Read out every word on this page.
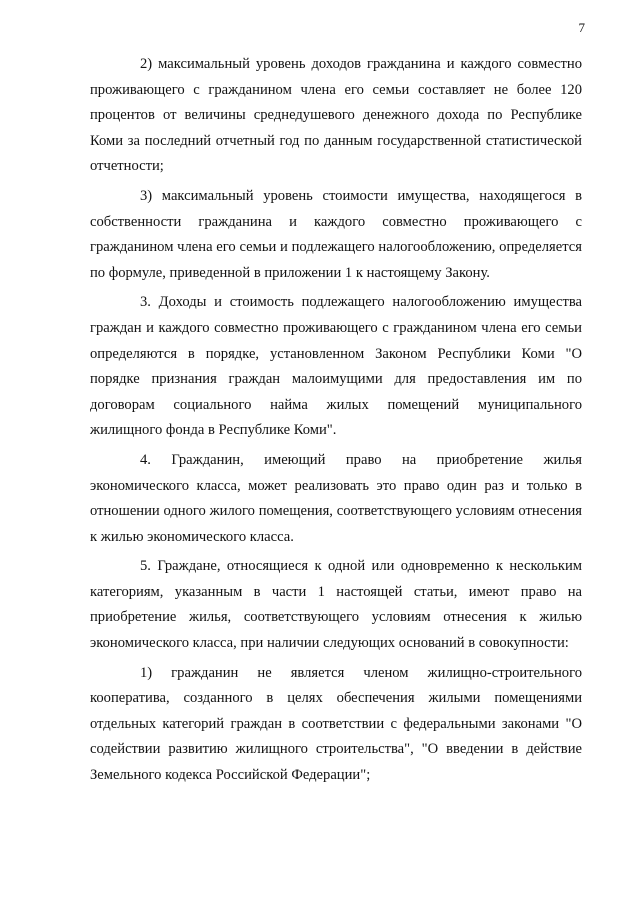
7

2) максимальный уровень доходов гражданина и каждого совместно проживающего с гражданином члена его семьи составляет не более 120 процентов от величины среднедушевого денежного дохода по Республике Коми за последний отчетный год по данным государственной статистической отчетности;

3) максимальный уровень стоимости имущества, находящегося в собственности гражданина и каждого совместно проживающего с гражданином члена его семьи и подлежащего налогообложению, определяется по формуле, приведенной в приложении 1 к настоящему Закону.

3. Доходы и стоимость подлежащего налогообложению имущества граждан и каждого совместно проживающего с гражданином члена его семьи определяются в порядке, установленном Законом Республики Коми "О порядке признания граждан малоимущими для предоставления им по договорам социального найма жилых помещений муниципального жилищного фонда в Республике Коми".

4. Гражданин, имеющий право на приобретение жилья экономического класса, может реализовать это право один раз и только в отношении одного жилого помещения, соответствующего условиям отнесения к жилью экономического класса.

5. Граждане, относящиеся к одной или одновременно к нескольким категориям, указанным в части 1 настоящей статьи, имеют право на приобретение жилья, соответствующего условиям отнесения к жилью экономического класса, при наличии следующих оснований в совокупности:

1) гражданин не является членом жилищно-строительного кооператива, созданного в целях обеспечения жилыми помещениями отдельных категорий граждан в соответствии с федеральными законами "О содействии развитию жилищного строительства", "О введении в действие Земельного кодекса Российской Федерации";
